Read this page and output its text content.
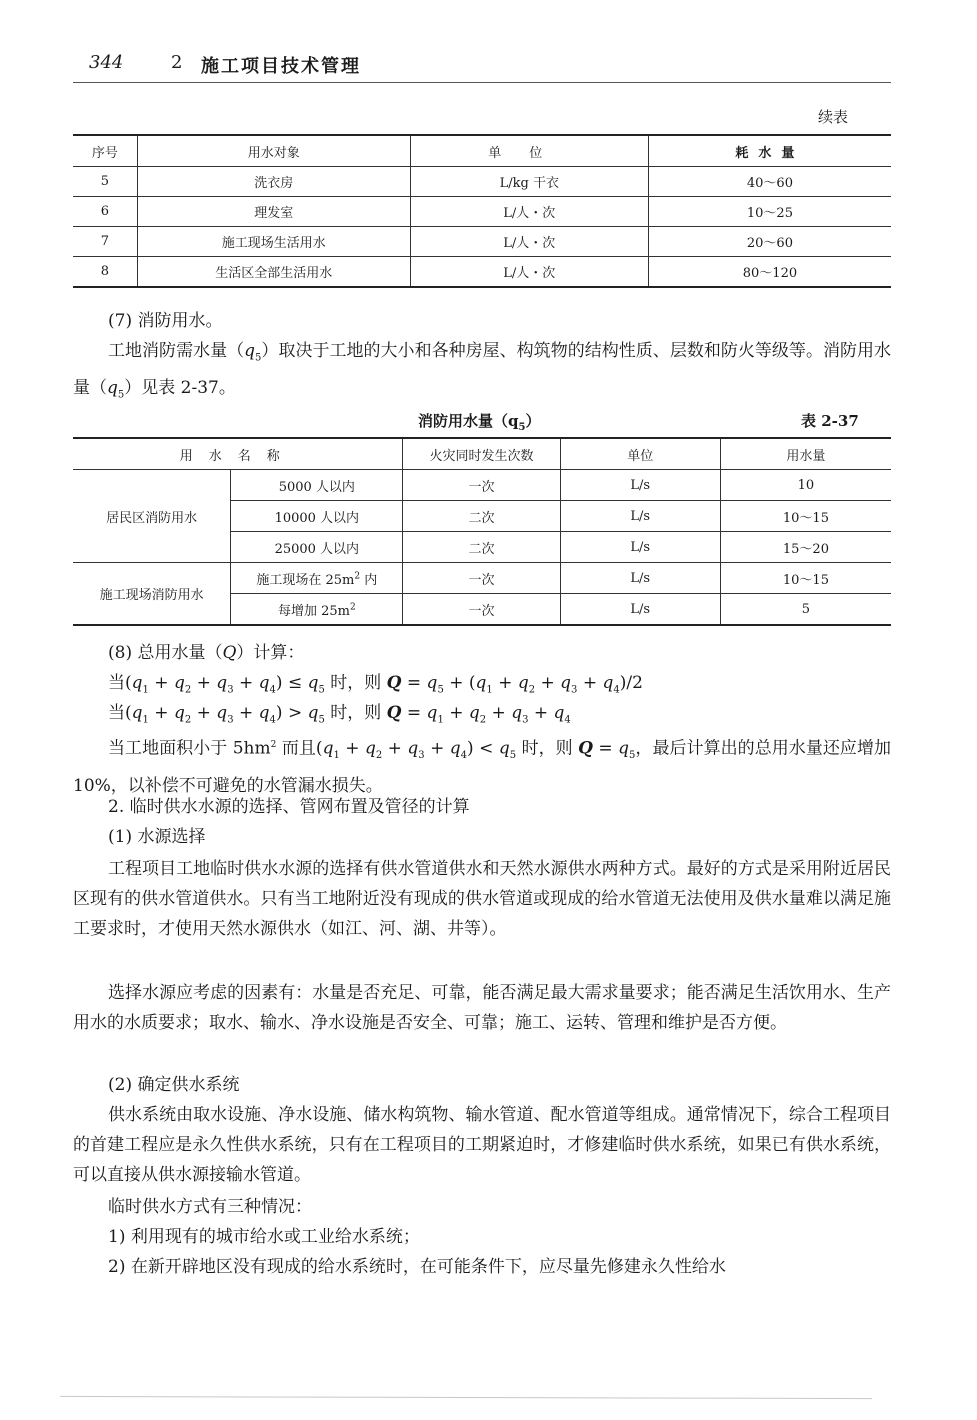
344	2 施工项目技术管理
续表
序号	用水对象	单位	耗水量
5	洗衣房	L/kg 干衣	40～60
6	理发室	L/人・次	10～25
7	施工现场生活用水	L/人・次	20～60
8	生活区全部生活用水	L/人・次	80～120
(7) 消防用水。
工地消防需水量$(q_5)$取决于工地的大小和各种房屋、构筑物的结构性质、层数和防火等级等。消防用水量$(q_5)$见表 2-37。
消防用水量$(q_5)$	表 2-37
用水名称		火灾同时发生次数	单位	用水量
居民区消防用水	5000 人以内	一次	L/s	10
	10000 人以内	二次	L/s	10～15
	25000 人以内	二次	L/s	15～20
施工现场消防用水	施工现场在 $25m^2$ 内	一次	L/s	10～15
	每增加 $25m^2$	一次	L/s	5
(8) 总用水量（Q）计算：
当$(q_1 + q_2 + q_3 + q_4) \le q_5$ 时，则 $Q = q_5 + (q_1 + q_2 + q_3 + q_4)/2$
当$(q_1 + q_2 + q_3 + q_4) > q_5$ 时，则 $Q = q_1 + q_2 + q_3 + q_4$
当工地面积小于 $5hm^2$ 而且$(q_1 + q_2 + q_3 + q_4) < q_5$ 时，则 $Q = q_5$，最后计算出的总用水量还应增加 10%，以补偿不可避免的水管漏水损失。
2. 临时供水水源的选择、管网布置及管径的计算
(1) 水源选择
工程项目工地临时供水水源的选择有供水管道供水和天然水源供水两种方式。最好的方式是采用附近居民区现有的供水管道供水。只有当工地附近没有现成的供水管道或现成的给水管道无法使用及供水量难以满足施工要求时，才使用天然水源供水（如江、河、湖、井等）。
选择水源应考虑的因素有：水量是否充足、可靠，能否满足最大需求量要求；能否满足生活饮用水、生产用水的水质要求；取水、输水、净水设施是否安全、可靠；施工、运转、管理和维护是否方便。
(2) 确定供水系统
供水系统由取水设施、净水设施、储水构筑物、输水管道、配水管道等组成。通常情况下，综合工程项目的首建工程应是永久性供水系统，只有在工程项目的工期紧迫时，才修建临时供水系统，如果已有供水系统，可以直接从供水源接输水管道。
临时供水方式有三种情况：
1) 利用现有的城市给水或工业给水系统；
2) 在新开辟地区没有现成的给水系统时，在可能条件下，应尽量先修建永久性给水
